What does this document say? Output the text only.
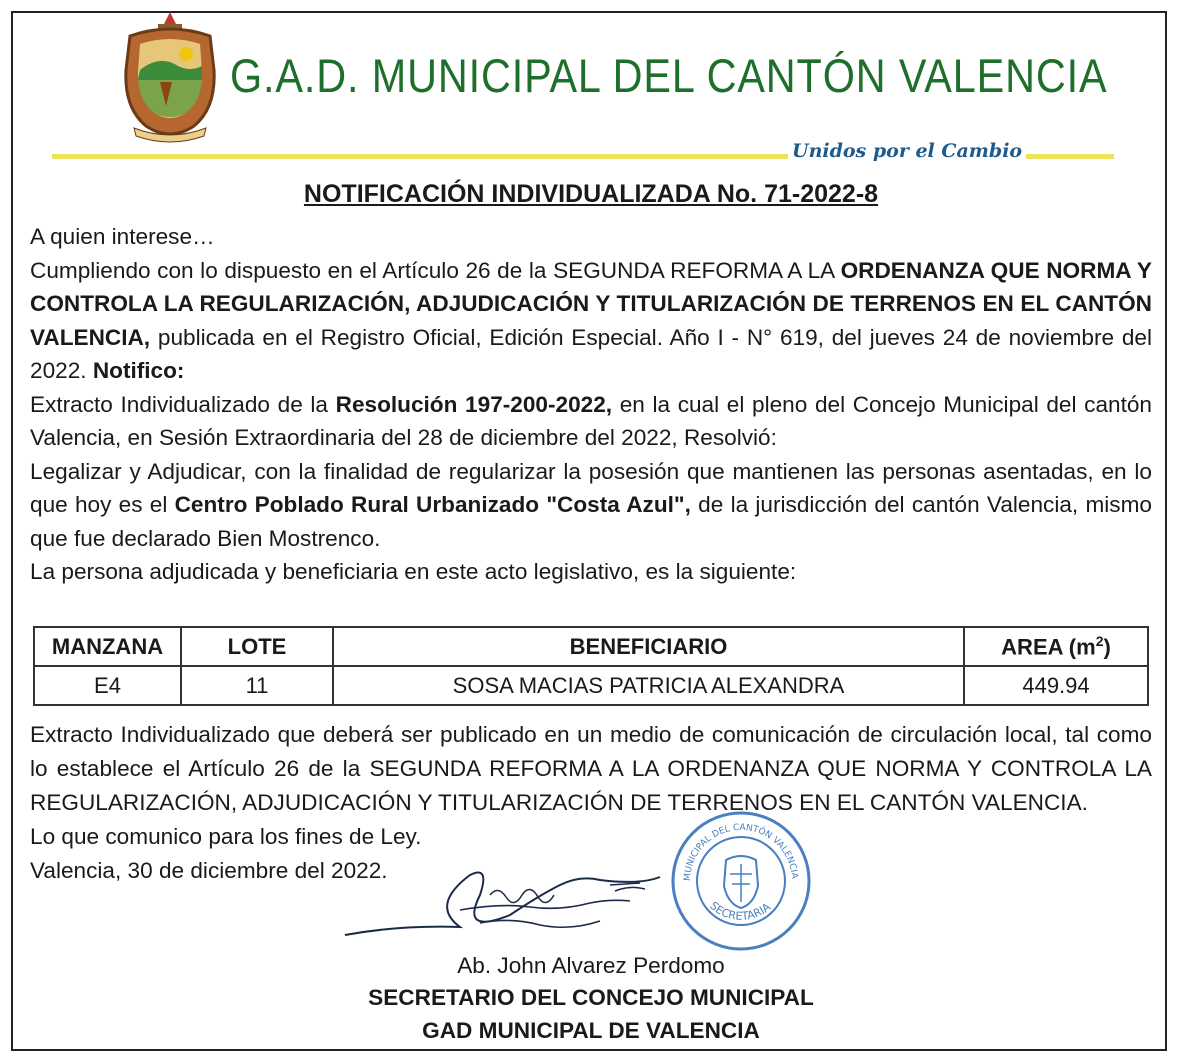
G.A.D. MUNICIPAL DEL CANTÓN VALENCIA
Unidos por el Cambio
NOTIFICACIÓN INDIVIDUALIZADA No. 71-2022-8

A quien interese…

Cumpliendo con lo dispuesto en el Artículo 26 de la SEGUNDA REFORMA A LA ORDENANZA QUE NORMA Y CONTROLA LA REGULARIZACIÓN, ADJUDICACIÓN Y TITULARIZACIÓN DE TERRENOS EN EL CANTÓN VALENCIA, publicada en el Registro Oficial, Edición Especial. Año I - N° 619, del jueves 24 de noviembre del 2022. Notifico:

Extracto Individualizado de la Resolución 197-200-2022, en la cual el pleno del Concejo Municipal del cantón Valencia, en Sesión Extraordinaria del 28 de diciembre del 2022, Resolvió:

Legalizar y Adjudicar, con la finalidad de regularizar la posesión que mantienen las personas asentadas, en lo que hoy es el Centro Poblado Rural Urbanizado "Costa Azul", de la jurisdicción del cantón Valencia, mismo que fue declarado Bien Mostrenco.

La persona adjudicada y beneficiaria en este acto legislativo, es la siguiente:

MANZANA	LOTE	BENEFICIARIO	AREA $(m^2)$
E4	11	SOSA MACIAS PATRICIA ALEXANDRA	449.94

Extracto Individualizado que deberá ser publicado en un medio de comunicación de circulación local, tal como lo establece el Artículo 26 de la SEGUNDA REFORMA A LA ORDENANZA QUE NORMA Y CONTROLA LA REGULARIZACIÓN, ADJUDICACIÓN Y TITULARIZACIÓN DE TERRENOS EN EL CANTÓN VALENCIA.

Lo que comunico para los fines de Ley.

Valencia, 30 de diciembre del 2022.	MUNICIPAL DEL CANTÓN VALENCIA
SECRETARIA
Ab. John Alvarez Perdomo
SECRETARIO DEL CONCEJO MUNICIPAL
GAD MUNICIPAL DE VALENCIA
